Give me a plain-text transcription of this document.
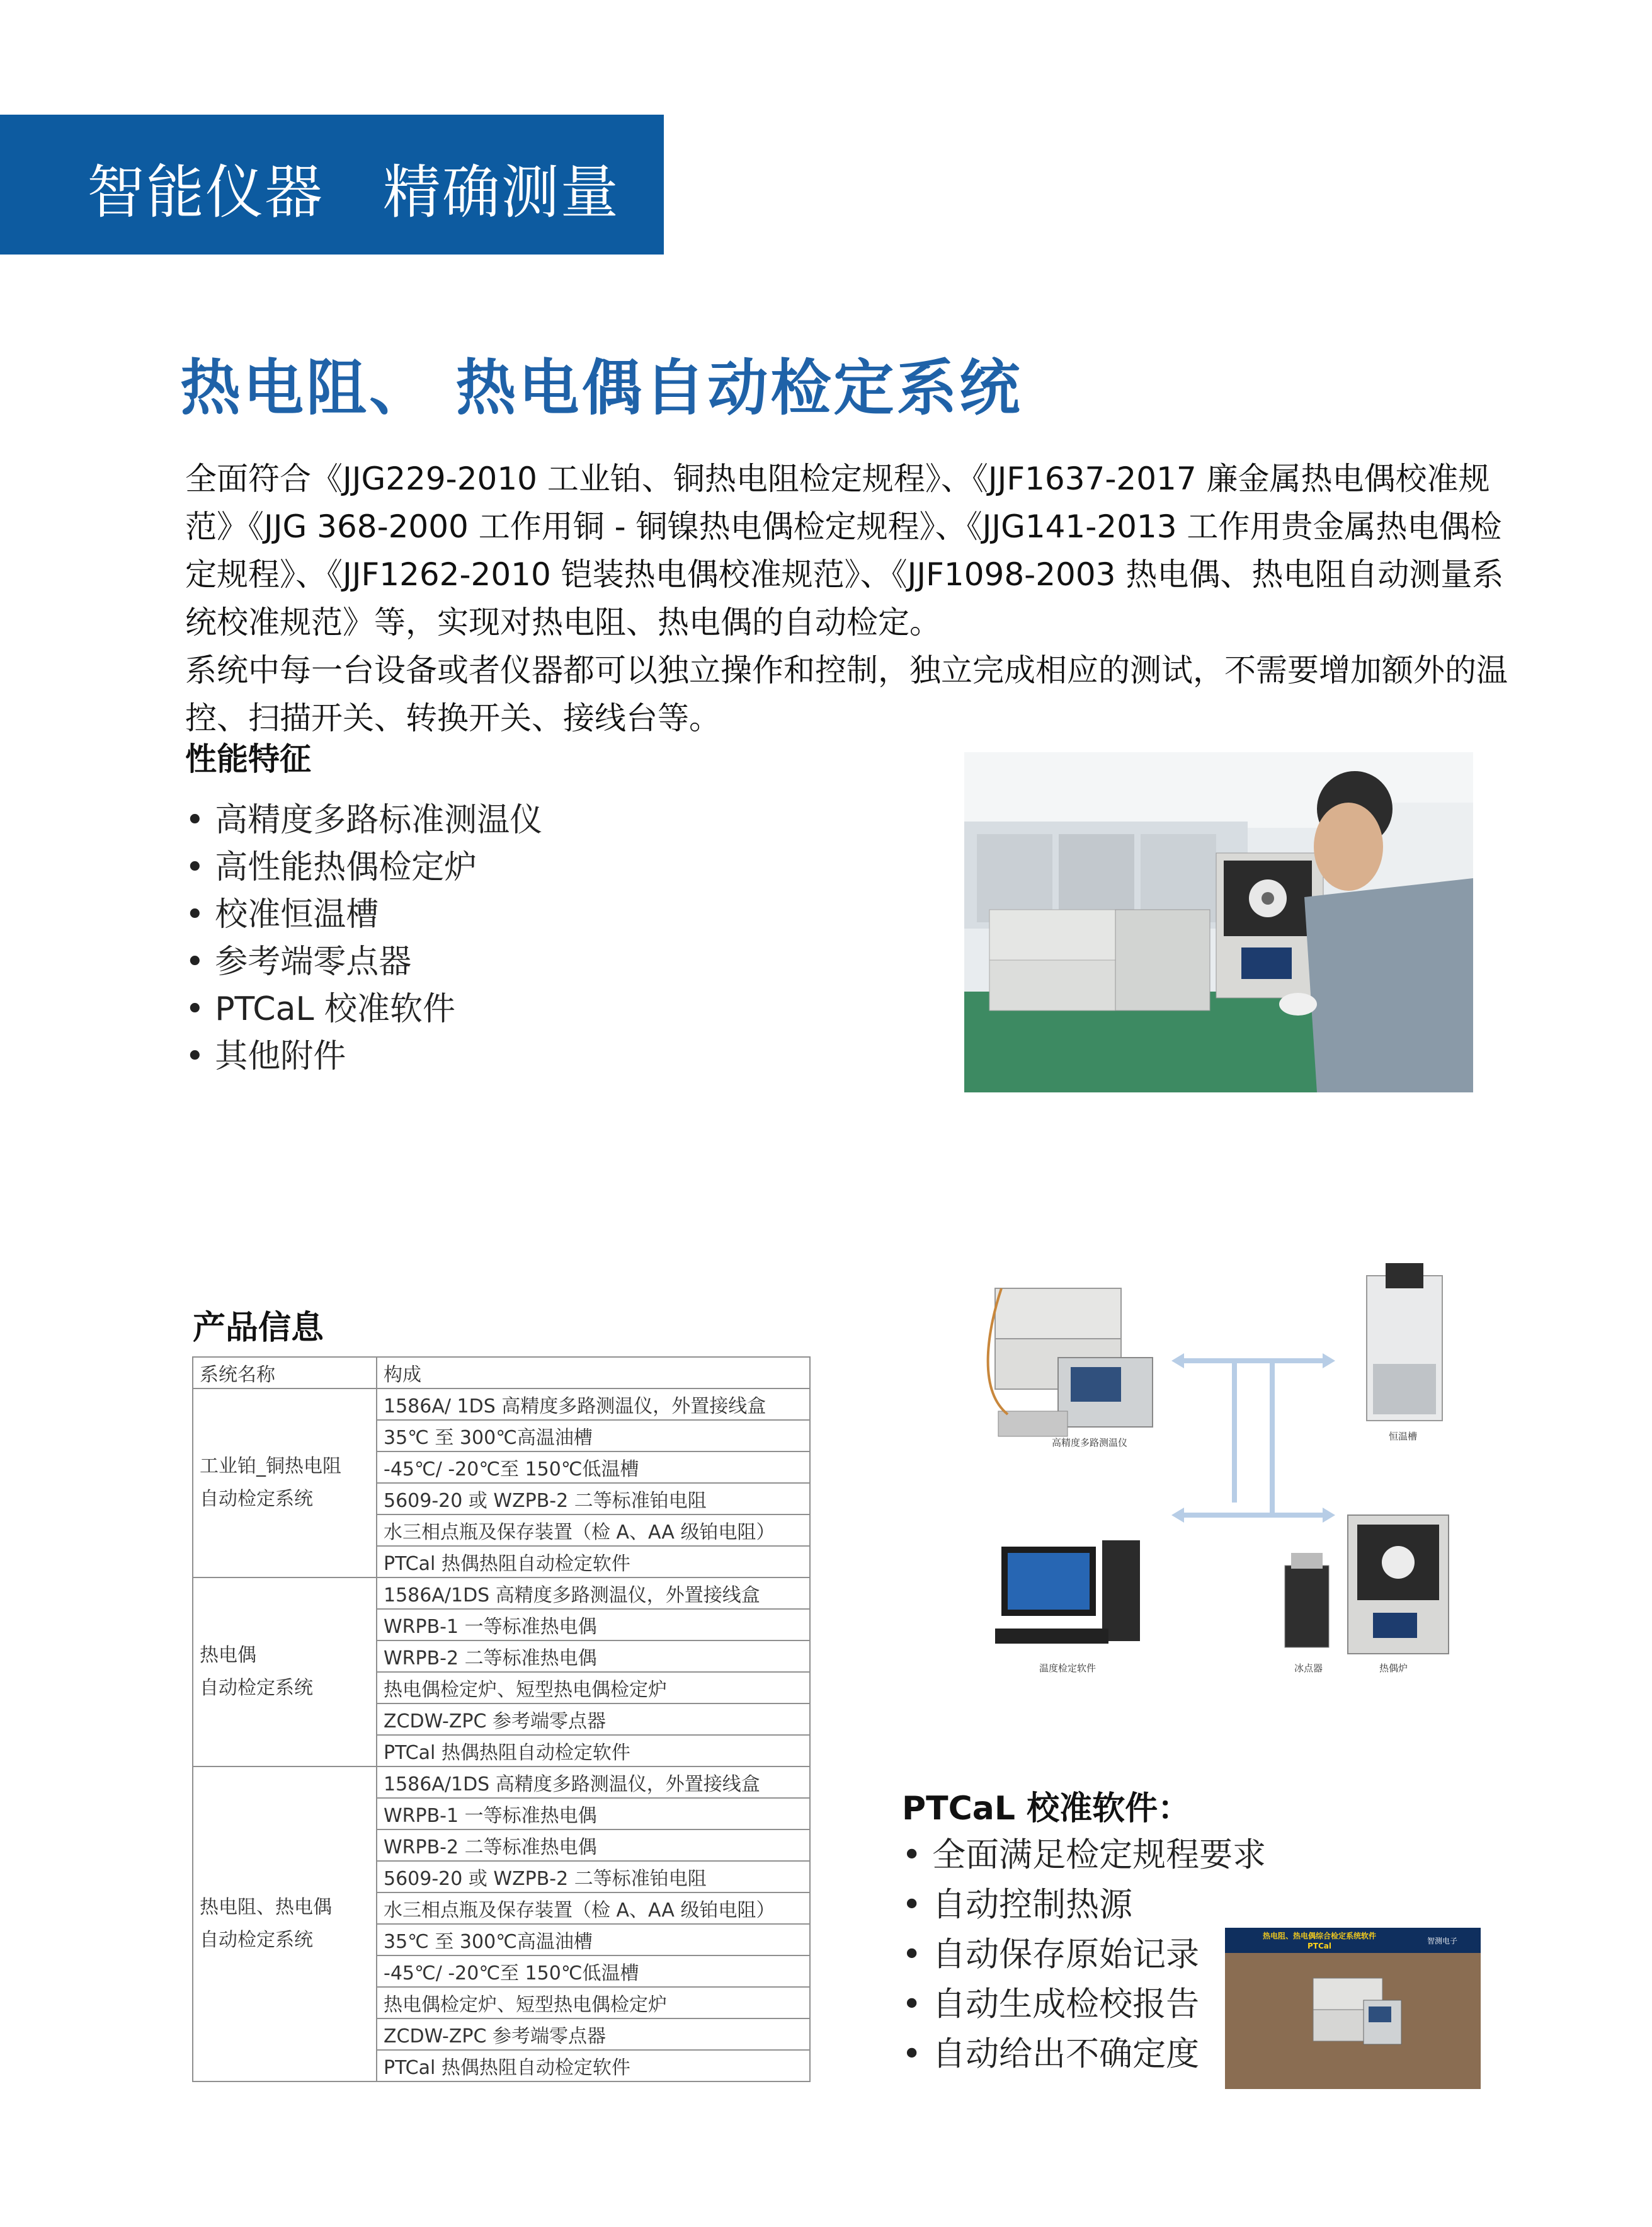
智能仪器   精确测量
热电阻、 热电偶自动检定系统

全面符合《JJG229-2010 工业铂、铜热电阻检定规程》、《JJF1637-2017 廉金属热电偶校准规范》《JJG 368-2000 工作用铜 - 铜镍热电偶检定规程》、《JJG141-2013 工作用贵金属热电偶检定规程》、《JJF1262-2010 铠装热电偶校准规范》、《JJF1098-2003 热电偶、热电阻自动测量系统校准规范》等，实现对热电阻、热电偶的自动检定。

系统中每一台设备或者仪器都可以独立操作和控制，独立完成相应的测试，不需要增加额外的温控、扫描开关、转换开关、接线台等。

性能特征
• 高精度多路标准测温仪
• 高性能热偶检定炉
• 校准恒温槽
• 参考端零点器
• PTCaL 校准软件
• 其他附件
产品信息
系统名称	构成
工业铂_铜热电阻
自动检定系统	1586A/ 1DS 高精度多路测温仪，外置接线盒
	35℃ 至 300℃高温油槽
	-45℃/ -20℃至 150℃低温槽
	5609-20 或 WZPB-2 二等标准铂电阻
	水三相点瓶及保存装置（检 A、AA 级铂电阻）
	PTCal 热偶热阻自动检定软件
热电偶
自动检定系统	1586A/1DS 高精度多路测温仪，外置接线盒
	WRPB-1 一等标准热电偶
	WRPB-2 二等标准热电偶
	热电偶检定炉、短型热电偶检定炉
	ZCDW-ZPC 参考端零点器
	PTCal 热偶热阻自动检定软件
热电阻、热电偶
自动检定系统	1586A/1DS 高精度多路测温仪，外置接线盒
	WRPB-1 一等标准热电偶
	WRPB-2 二等标准热电偶
	5609-20 或 WZPB-2 二等标准铂电阻
	水三相点瓶及保存装置（检 A、AA 级铂电阻）
	35℃ 至 300℃高温油槽
	-45℃/ -20℃至 150℃低温槽
	热电偶检定炉、短型热电偶检定炉
	ZCDW-ZPC 参考端零点器
	PTCal 热偶热阻自动检定软件
高精度多路测温仪
恒温槽
温度检定软件	冰点器	热偶炉
PTCaL 校准软件：
• 全面满足检定规程要求
• 自动控制热源
• 自动保存原始记录
• 自动生成检校报告
• 自动给出不确定度
热电阻、热电偶综合检定系统软件
PTCal
智测电子
